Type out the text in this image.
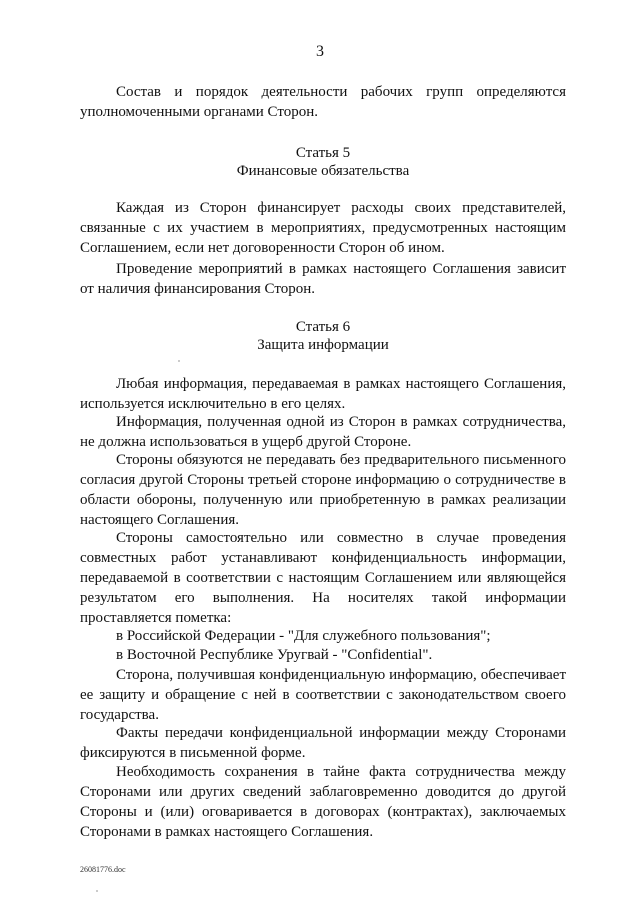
3
Состав и порядок деятельности рабочих групп определяются уполномоченными органами Сторон.
Статья 5
Финансовые обязательства
Каждая из Сторон финансирует расходы своих представителей, связанные с их участием в мероприятиях, предусмотренных настоящим Соглашением, если нет договоренности Сторон об ином.
Проведение мероприятий в рамках настоящего Соглашения зависит от наличия финансирования Сторон.
Статья 6
Защита информации
Любая информация, передаваемая в рамках настоящего Соглашения, используется исключительно в его целях.
Информация, полученная одной из Сторон в рамках сотрудничества, не должна использоваться в ущерб другой Стороне.
Стороны обязуются не передавать без предварительного письменного согласия другой Стороны третьей стороне информацию о сотрудничестве в области обороны, полученную или приобретенную в рамках реализации настоящего Соглашения.
Стороны самостоятельно или совместно в случае проведения совместных работ устанавливают конфиденциальность информации, передаваемой в соответствии с настоящим Соглашением или являющейся результатом его выполнения. На носителях такой информации проставляется пометка:
в Российской Федерации - "Для служебного пользования";
в Восточной Республике Уругвай - "Confidential".
Сторона, получившая конфиденциальную информацию, обеспечивает ее защиту и обращение с ней в соответствии с законодательством своего государства.
Факты передачи конфиденциальной информации между Сторонами фиксируются в письменной форме.
Необходимость сохранения в тайне факта сотрудничества между Сторонами или других сведений заблаговременно доводится до другой Стороны и (или) оговаривается в договорах (контрактах), заключаемых Сторонами в рамках настоящего Соглашения.
26081776.doc
